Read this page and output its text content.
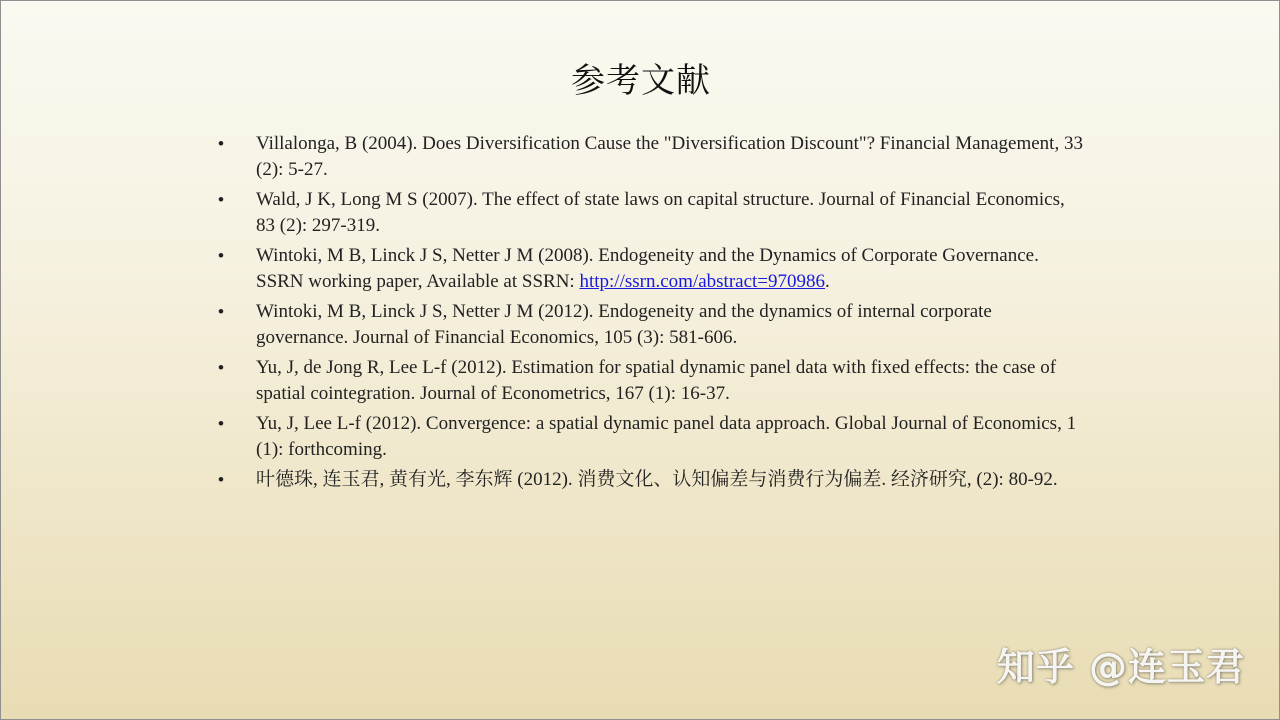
参考文献
• Villalonga, B (2004). Does Diversification Cause the "Diversification Discount"? Financial Management, 33 (2): 5-27.
• Wald, J K, Long M S (2007). The effect of state laws on capital structure. Journal of Financial Economics, 83 (2): 297-319.
• Wintoki, M B, Linck J S, Netter J M (2008). Endogeneity and the Dynamics of Corporate Governance. SSRN working paper, Available at SSRN: http://ssrn.com/abstract=970986.
• Wintoki, M B, Linck J S, Netter J M (2012). Endogeneity and the dynamics of internal corporate governance. Journal of Financial Economics, 105 (3): 581-606.
• Yu, J, de Jong R, Lee L-f (2012). Estimation for spatial dynamic panel data with fixed effects: the case of spatial cointegration. Journal of Econometrics, 167 (1): 16-37.
• Yu, J, Lee L-f (2012). Convergence: a spatial dynamic panel data approach. Global Journal of Economics, 1 (1): forthcoming.
• 叶德珠, 连玉君, 黄有光, 李东辉 (2012). 消费文化、认知偏差与消费行为偏差. 经济研究, (2): 80-92.
知乎 @连玉君
